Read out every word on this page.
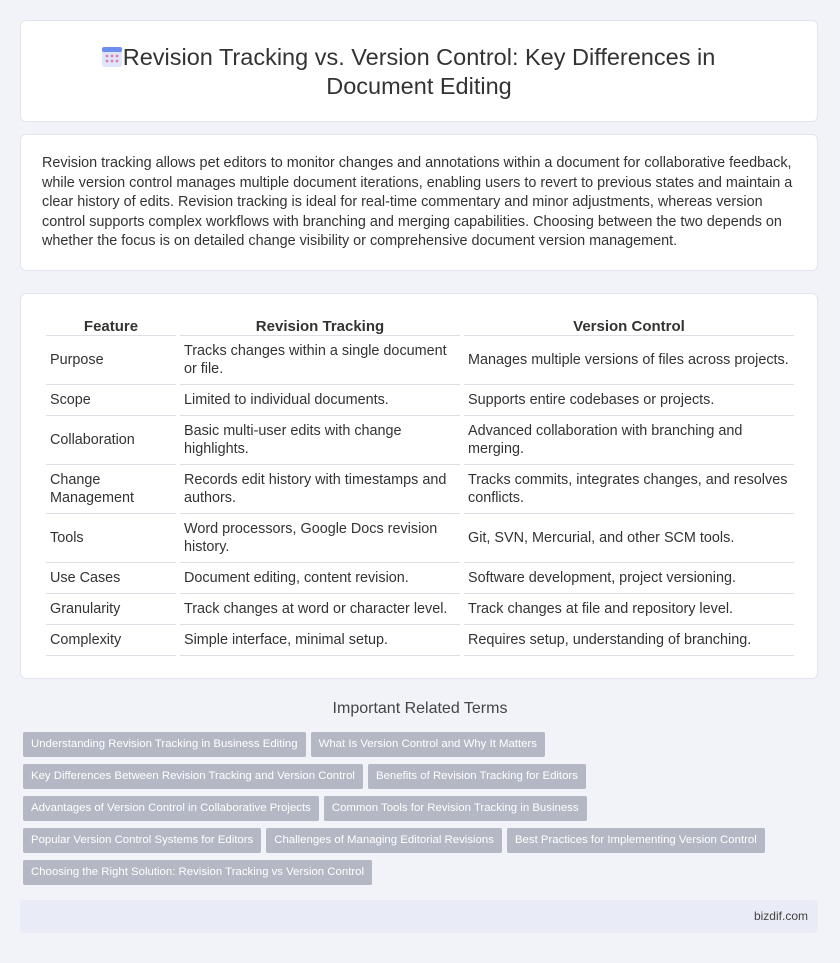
Revision Tracking vs. Version Control: Key Differences in Document Editing

Revision tracking allows pet editors to monitor changes and annotations within a document for collaborative feedback, while version control manages multiple document iterations, enabling users to revert to previous states and maintain a clear history of edits. Revision tracking is ideal for real-time commentary and minor adjustments, whereas version control supports complex workflows with branching and merging capabilities. Choosing between the two depends on whether the focus is on detailed change visibility or comprehensive document version management.

Feature	Revision Tracking	Version Control
Purpose	Tracks changes within a single document or file.	Manages multiple versions of files across projects.
Scope	Limited to individual documents.	Supports entire codebases or projects.
Collaboration	Basic multi-user edits with change highlights.	Advanced collaboration with branching and merging.
Change Management	Records edit history with timestamps and authors.	Tracks commits, integrates changes, and resolves conflicts.
Tools	Word processors, Google Docs revision history.	Git, SVN, Mercurial, and other SCM tools.
Use Cases	Document editing, content revision.	Software development, project versioning.
Granularity	Track changes at word or character level.	Track changes at file and repository level.
Complexity	Simple interface, minimal setup.	Requires setup, understanding of branching.
Important Related Terms
Understanding Revision Tracking in Business Editing What Is Version Control and Why It Matters
Key Differences Between Revision Tracking and Version Control Benefits of Revision Tracking for Editors
Advantages of Version Control in Collaborative Projects Common Tools for Revision Tracking in Business
Popular Version Control Systems for Editors Challenges of Managing Editorial Revisions Best Practices for Implementing Version Control
Choosing the Right Solution: Revision Tracking vs Version Control
bizdif.com
